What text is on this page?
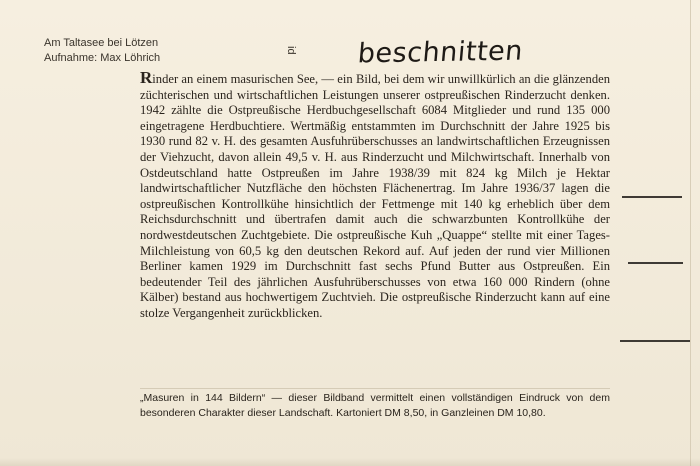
Am Taltasee bei Lötzen
Aufnahme: Max Löhrich
id beschnitten
Rinder an einem masurischen See, — ein Bild, bei dem wir unwillkürlich an die glänzenden züchterischen und wirtschaftlichen Leistungen unserer ostpreußischen Rinderzucht denken. 1942 zählte die Ostpreußische Herdbuchgesellschaft 6084 Mitglieder und rund 135 000 eingetragene Herdbuchtiere. Wertmäßig entstammten im Durchschnitt der Jahre 1925 bis 1930 rund 82 v. H. des gesamten Ausfuhrüberschusses an landwirtschaftlichen Erzeugnissen der Viehzucht, davon allein 49,5 v. H. aus Rinderzucht und Milchwirtschaft. Innerhalb von Ostdeutschland hatte Ostpreußen im Jahre 1938/39 mit 824 kg Milch je Hektar landwirtschaftlicher Nutzfläche den höchsten Flächenertrag. Im Jahre 1936/37 lagen die ostpreußischen Kontrollkühe hinsichtlich der Fettmenge mit 140 kg erheblich über dem Reichsdurchschnitt und übertrafen damit auch die schwarzbunten Kontrollkühe der nordwestdeutschen Zuchtgebiete. Die ostpreußische Kuh „Quappe“ stellte mit einer Tages-Milchleistung von 60,5 kg den deutschen Rekord auf. Auf jeden der rund vier Millionen Berliner kamen 1929 im Durchschnitt fast sechs Pfund Butter aus Ostpreußen. Ein bedeutender Teil des jährlichen Ausfuhrüberschusses von etwa 160 000 Rindern (ohne Kälber) bestand aus hochwertigem Zuchtvieh. Die ostpreußische Rinderzucht kann auf eine stolze Vergangenheit zurückblicken.
„Masuren in 144 Bildern“ — dieser Bildband vermittelt einen vollständigen Eindruck von dem besonderen Charakter dieser Landschaft. Kartoniert DM 8,50, in Ganzleinen DM 10,80.
